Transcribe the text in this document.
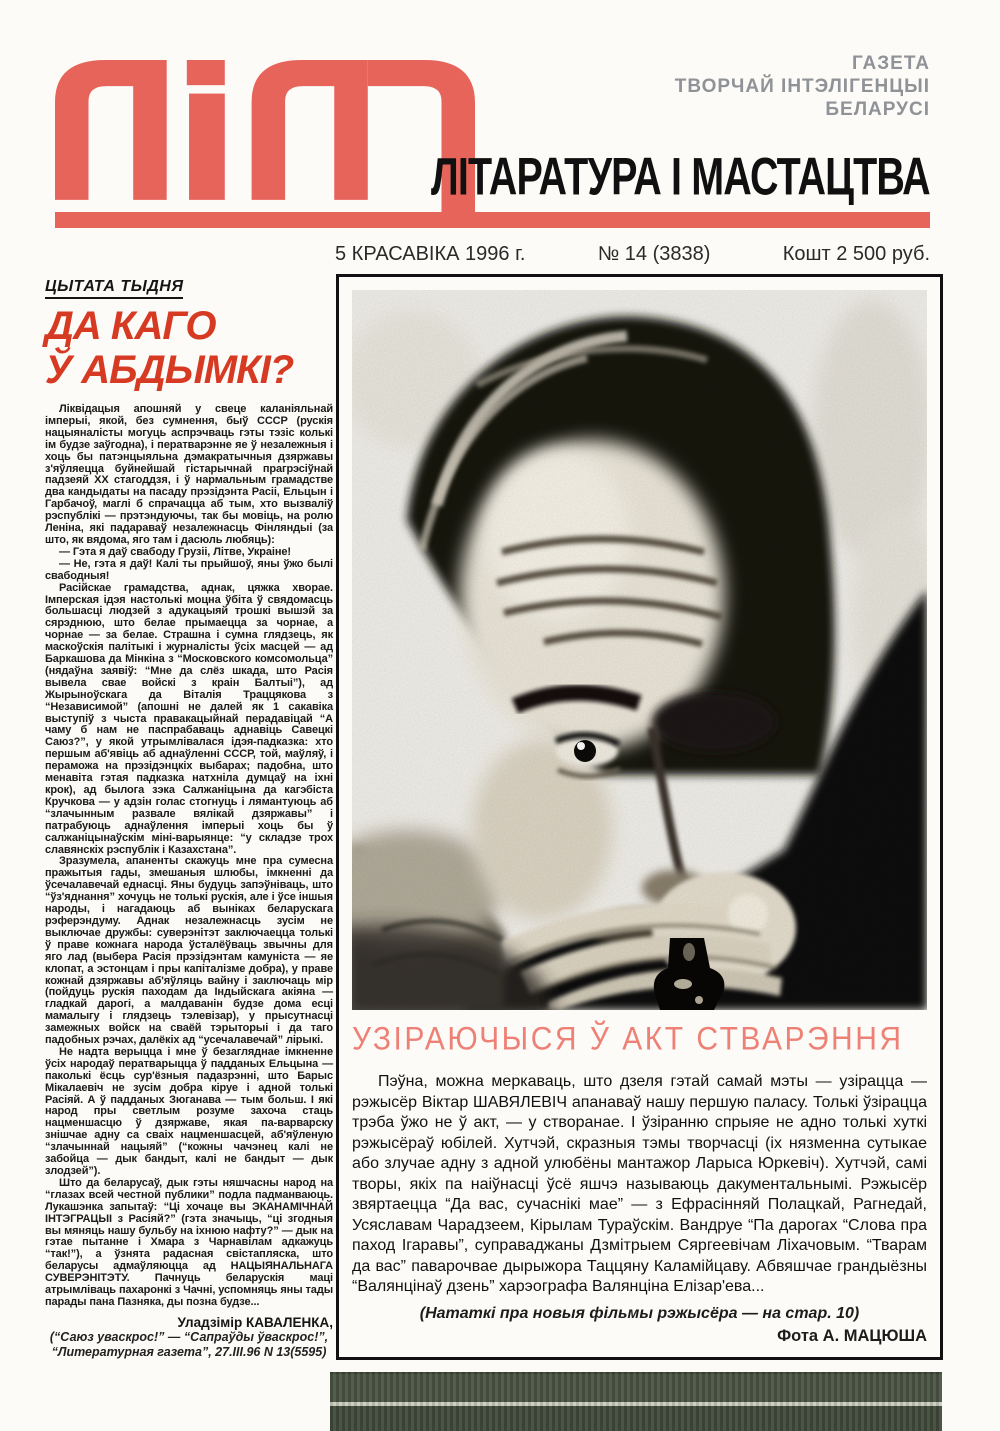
ГАЗЕТА
ТВОРЧАЙ ІНТЭЛІГЕНЦЫІ
БЕЛАРУСІ
ЛІТАРАТУРА І МАСТАЦТВА
5 КРАСАВІКА 1996 г.	№ 14 (3838)	Кошт 2 500 руб.
ЦЫТАТА ТЫДНЯ
ДА КАГО
Ў АБДЫМКІ?

Ліквідацыя апошняй у свеце каланіяльнай імперыі, якой, без сумнення, быў СССР (рускія нацыяналісты могуць аспрэчваць гэты тэзіс колькі ім будзе заўгодна), і ператварэнне яе ў незалежныя і хоць бы патэнцыяльна дэмакратычныя дзяржавы з'яўляецца буйнейшай гістарычнай прагрэсіўнай падзеяй XX стагоддзя, і ў нармальным грамадстве два кандыдаты на пасаду прэзідэнта Расіі, Ельцын і Гарбачоў, маглі б спрачацца аб тым, хто вызваліў рэспублікі — прэтэндуючы, так бы мовіць, на ролю Леніна, які падараваў незалежнасць Фінляндыі (за што, як вядома, яго там і дасюль любяць):

— Гэта я даў свабоду Грузіі, Літве, Украіне!

— Не, гэта я даў! Калі ты прыйшоў, яны ўжо былі свабодныя!

Расійскае грамадства, аднак, цяжка хворае. Імперская ідэя настолькі моцна ўбіта ў свядомасць большасці людзей з адукацыяй трошкі вышэй за сярэднюю, што белае прымаецца за чорнае, а чорнае — за белае. Страшна і сумна глядзець, як маскоўскія палітыкі і журналісты ўсіх масцей — ад Баркашова да Мінкіна з “Московского комсомольца” (нядаўна заявіў: “Мне да слёз шкада, што Расія вывела свае войскі з краін Балтыі”), ад Жырыноўскага да Віталія Траццякова з “Независимой” (апошні не далей як 1 сакавіка выступіў з чыста правакацыйнай перадавіцай “А чаму б нам не паспрабаваць аднавіць Савецкі Саюз?”, у якой утрымлівалася ідэя-падказка: хто першым аб'явіць аб аднаўленні СССР, той, маўляў, і пераможа на прэзідэнцкіх выбарах; падобна, што менавіта гэтая падказка натхніла думцаў на іхні крок), ад былога зэка Салжаніцына да кагэбіста Кручкова — у адзін голас стогнуць і лямантуюць аб “злачынным развале вялікай дзяржавы” і патрабуюць аднаўлення імперыі хоць бы ў салжаніцынаўскім міні-варыянце: “у складзе трох славянскіх рэспублік і Казахстана”.

Зразумела, апаненты скажуць мне пра сумесна пражытыя гады, змешаныя шлюбы, імкненні да ўсечалавечай еднасці. Яны будуць запэўніваць, што “ўз'яднання” хочуць не толькі рускія, але і ўсе іншыя народы, і нагадаюць аб выніках беларускага рэферэндуму. Аднак незалежнасць зусім не выключае дружбы: суверэнітэт заключаецца толькі ў праве кожнага народа ўсталёўваць звычны для яго лад (выбера Расія прэзідэнтам камуніста — яе клопат, а эстонцам і пры капіталізме добра), у праве кожнай дзяржавы аб'яўляць вайну і заключаць мір (пойдуць рускія паходам да Індыйскага акіяна — гладкай дарогі, а малдаванін будзе дома есці мамалыгу і глядзець тэлевізар), у прысутнасці замежных войск на сваёй тэрыторыі і да таго падобных рэчах, далёкіх ад “усечалавечай” лірыкі.

Не надта верыцца і мне ў безагляднае імкненне ўсіх народаў ператварыцца ў падданых Ельцына — паколькі ёсць сур'ёзныя падазрэнні, што Барыс Мікалаевіч не зусім добра кіруе і адной толькі Расіяй. А ў падданых Зюганава — тым больш. І які народ пры светлым розуме захоча стаць нацменшасцю ў дзяржаве, якая па-варварску знішчае адну са сваіх нацменшасцей, аб'яўленую “злачыннай нацыяй” (“кожны чачэнец калі не забойца — дык бандыт, калі не бандыт — дык злодзей”).

Што да беларусаў, дык гэты няшчасны народ на “глазах всей честной публики” подла падманваюць. Лукашэнка запытаў: “Ці хочаце вы ЭКАНАМІЧНАЙ ІНТЭГРАЦЫІ з Расіяй?” (гэта значыць, “ці згодныя вы мяняць нашу бульбу на іхнюю нафту?” — дык на гэтае пытанне і Хмара з Чарнавілам адкажуць “так!”), а ўзнята радасная свістапляска, што беларусы адмаўляюцца ад НАЦЫЯНАЛЬНАГА СУВЕРЭНІТЭТУ. Пачнуць беларускія маці атрымліваць пахаронкі з Чачні, успомняць яны тады парады пана Пазняка, ды позна будзе...

Уладзімір КАВАЛЕНКА,
(“Саюз уваскрос!” — “Сапраўды ўваскрос!”,
“Литературная газета”, 27.III.96 N 13(5595)
УЗІРАЮЧЫСЯ Ў АКТ СТВАРЭННЯ

Пэўна, можна меркаваць, што дзеля гэтай самай мэты — узірацца — рэжысёр Віктар ШАВЯЛЕВІЧ апанаваў нашу першую паласу. Толькі ўзірацца трэба ўжо не ў акт, — у створанае. І ўзіранню спрыяе не адно толькі хуткі рэжысёраў юбілей. Хутчэй, скразныя тэмы творчасці (іх нязменна сутыкае або злучае адну з адной улюбёны мантажор Ларыса Юркевіч). Хутчэй, самі творы, якіх па наіўнасці ўсё яшчэ называюць дакументальнымі. Рэжысёр звяртаецца “Да вас, сучаснікі мае” — з Ефрасінняй Полацкай, Рагнедай, Усяславам Чарадзеем, Кірылам Тураўскім. Вандруе “Па дарогах “Слова пра паход Ігаравы”, суправаджаны Дзмітрыем Сяргеевічам Ліхачовым. “Тварам да вас” паварочвае дырыжора Таццяну Каламійцаву. Абвяшчае грандыёзны “Валянцінаў дзень” харэографа Валянціна Елізар'ева...

(Нататкі пра новыя фільмы рэжысёра — на стар. 10)
Фота А. МАЦЮША
